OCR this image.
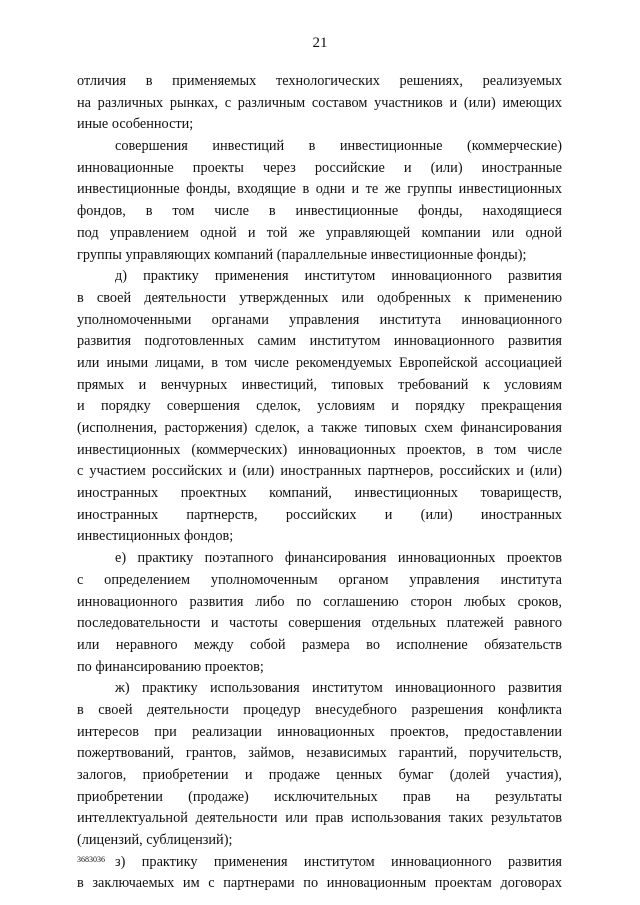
21
отличия в применяемых технологических решениях, реализуемых
на различных рынках, с различным составом участников и (или) имеющих
иные особенности;
совершения инвестиций в инвестиционные (коммерческие)
инновационные проекты через российские и (или) иностранные
инвестиционные фонды, входящие в одни и те же группы инвестиционных
фондов, в том числе в инвестиционные фонды, находящиеся
под управлением одной и той же управляющей компании или одной
группы управляющих компаний (параллельные инвестиционные фонды);
д) практику применения институтом инновационного развития
в своей деятельности утвержденных или одобренных к применению
уполномоченными органами управления института инновационного
развития подготовленных самим институтом инновационного развития
или иными лицами, в том числе рекомендуемых Европейской ассоциацией
прямых и венчурных инвестиций, типовых требований к условиям
и порядку совершения сделок, условиям и порядку прекращения
(исполнения, расторжения) сделок, а также типовых схем финансирования
инвестиционных (коммерческих) инновационных проектов, в том числе
с участием российских и (или) иностранных партнеров, российских и (или)
иностранных проектных компаний, инвестиционных товариществ,
иностранных партнерств, российских и (или) иностранных
инвестиционных фондов;
е) практику поэтапного финансирования инновационных проектов
с определением уполномоченным органом управления института
инновационного развития либо по соглашению сторон любых сроков,
последовательности и частоты совершения отдельных платежей равного
или неравного между собой размера во исполнение обязательств
по финансированию проектов;
ж) практику использования институтом инновационного развития
в своей деятельности процедур внесудебного разрешения конфликта
интересов при реализации инновационных проектов, предоставлении
пожертвований, грантов, займов, независимых гарантий, поручительств,
залогов, приобретении и продаже ценных бумаг (долей участия),
приобретении (продаже) исключительных прав на результаты
интеллектуальной деятельности или прав использования таких результатов
(лицензий, сублицензий);
з) практику применения институтом инновационного развития
в заключаемых им с партнерами по инновационным проектам договорах
3683036
